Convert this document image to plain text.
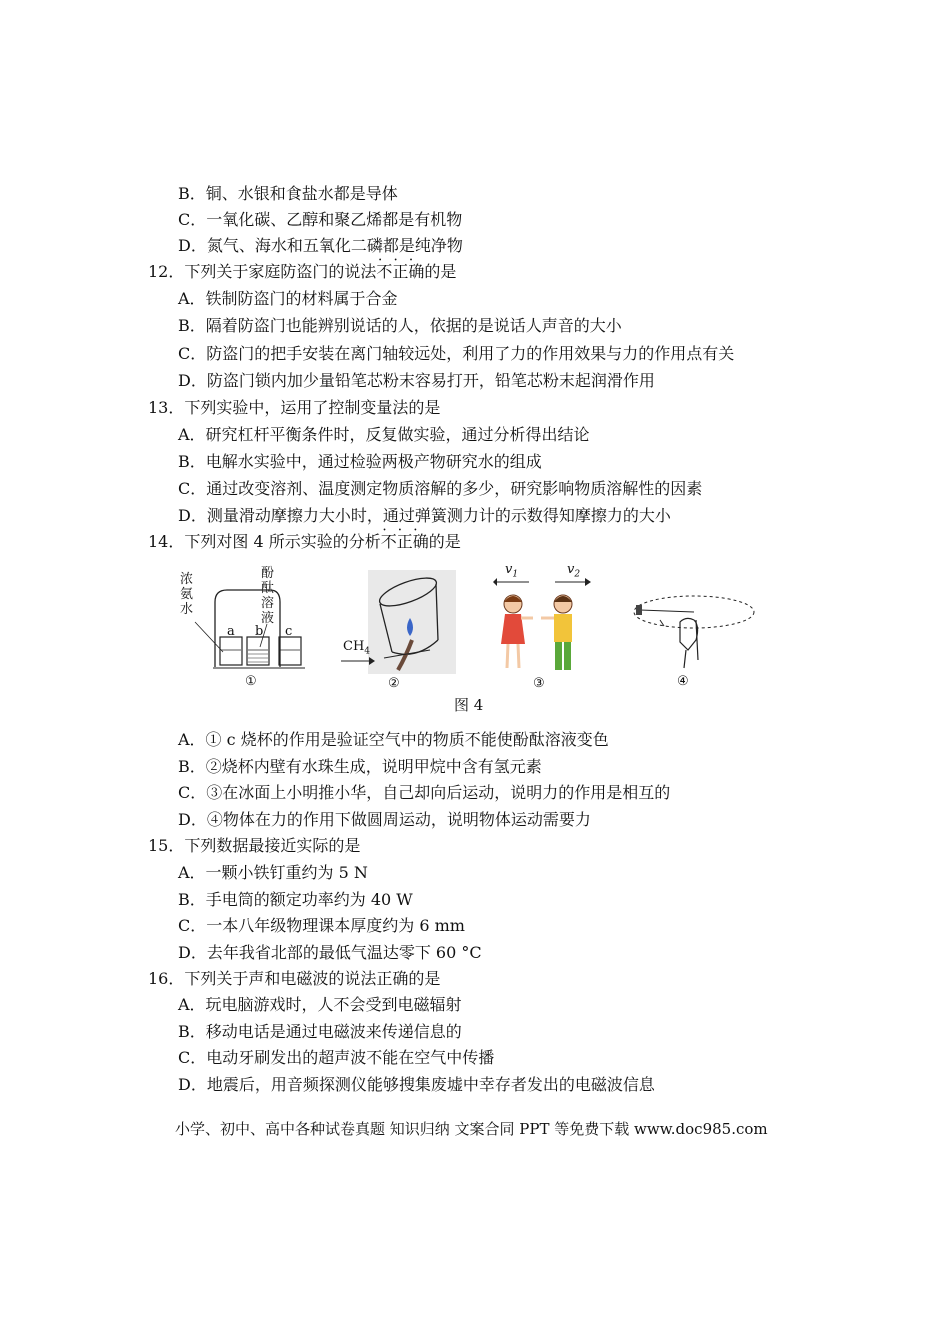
B．铜、水银和食盐水都是导体
C．一氧化碳、乙醇和聚乙烯都是有机物
D．氮气、海水和五氧化二磷都是纯净物
12．下列关于家庭防盗门的说法• • • 不正确的是
A．铁制防盗门的材料属于合金
B．隔着防盗门也能辨别说话的人，依据的是说话人声音的大小
C．防盗门的把手安装在离门轴较远处，利用了力的作用效果与力的作用点有关
D．防盗门锁内加少量铅笔芯粉末容易打开，铅笔芯粉末起润滑作用
13．下列实验中，运用了控制变量法的是
A．研究杠杆平衡条件时，反复做实验，通过分析得出结论
B．电解水实验中，通过检验两极产物研究水的组成
C．通过改变溶剂、温度测定物质溶解的多少，研究影响物质溶解性的因素
D．测量滑动摩擦力大小时，通过弹簧测力计的示数得知摩擦力的大小
14．下列对图 4 所示实验的分析• • • 不正确的是
浓
氨
水
酚
酞
溶
液
a b c
①
$CH_4$
②
$v_1$	$v_2$
③	④
图 4
A．① c 烧杯的作用是验证空气中的物质不能使酚酞溶液变色
B．②烧杯内壁有水珠生成，说明甲烷中含有氢元素
C．③在冰面上小明推小华，自己却向后运动，说明力的作用是相互的
D．④物体在力的作用下做圆周运动，说明物体运动需要力
15．下列数据最接近实际的是
A．一颗小铁钉重约为 5 N
B．手电筒的额定功率约为 40 W
C．一本八年级物理课本厚度约为 6 mm
D．去年我省北部的最低气温达零下 60 °C
16．下列关于声和电磁波的说法正确的是
A．玩电脑游戏时，人不会受到电磁辐射
B．移动电话是通过电磁波来传递信息的
C．电动牙刷发出的超声波不能在空气中传播
D．地震后，用音频探测仪能够搜集废墟中幸存者发出的电磁波信息
小学、初中、高中各种试卷真题 知识归纳 文案合同 PPT 等免费下载 www.doc985.com
